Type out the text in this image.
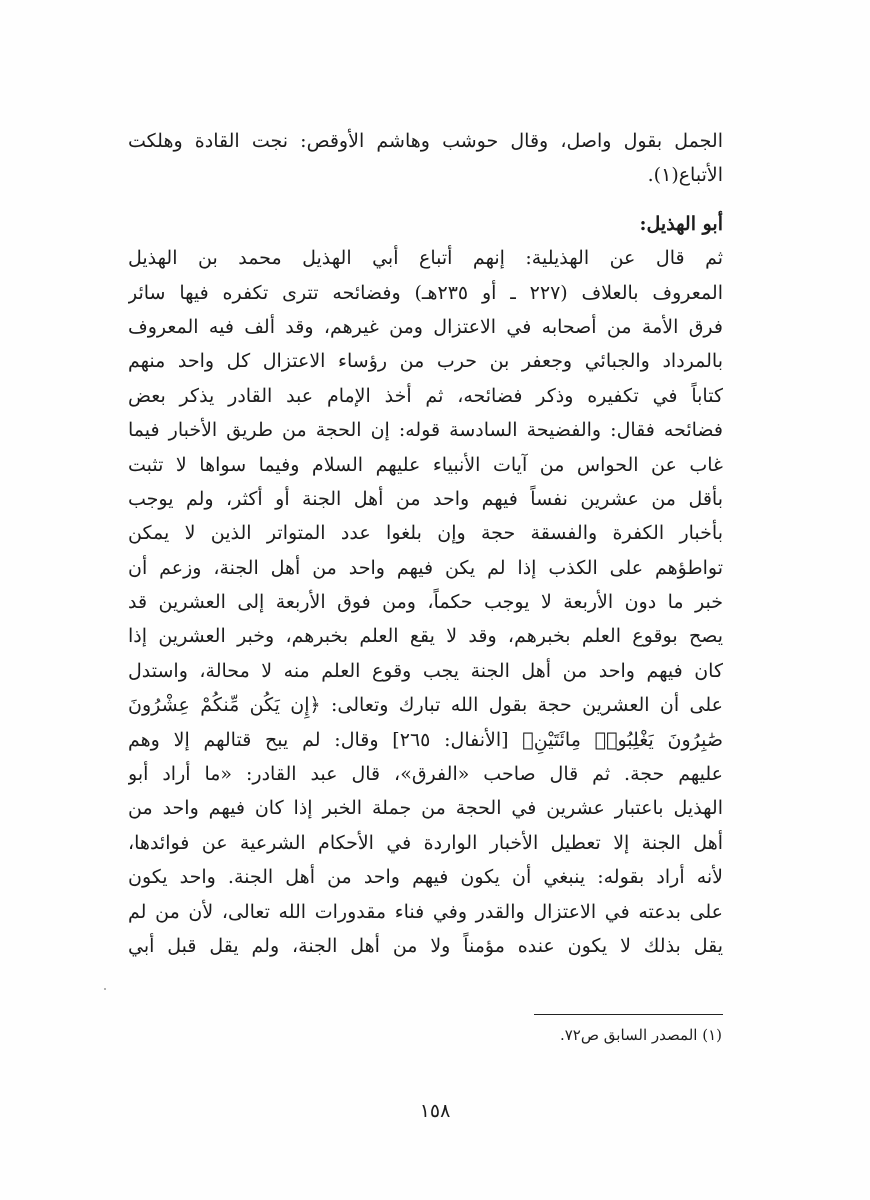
الجمل بقول واصل، وقال حوشب وهاشم الأوقص: نجت القادة وهلكت
الأتباع(١).
أبو الهذيل:
ثم قال عن الهذيلية: إنهم أتباع أبي الهذيل محمد بن الهذيل
المعروف بالعلاف (٢٢٧ ـ أو ٢٣٥هـ) وفضائحه تترى تكفره فيها سائر
فرق الأمة من أصحابه في الاعتزال ومن غيرهم، وقد ألف فيه المعروف
بالمرداد والجبائي وجعفر بن حرب من رؤساء الاعتزال كل واحد منهم
كتاباً في تكفيره وذكر فضائحه، ثم أخذ الإمام عبد القادر يذكر بعض
فضائحه فقال: والفضيحة السادسة قوله: إن الحجة من طريق الأخبار فيما
غاب عن الحواس من آيات الأنبياء عليهم السلام وفيما سواها لا تثبت
بأقل من عشرين نفساً فيهم واحد من أهل الجنة أو أكثر، ولم يوجب
بأخبار الكفرة والفسقة حجة وإن بلغوا عدد المتواتر الذين لا يمكن
تواطؤهم على الكذب إذا لم يكن فيهم واحد من أهل الجنة، وزعم أن
خبر ما دون الأربعة لا يوجب حكماً، ومن فوق الأربعة إلى العشرين قد
يصح بوقوع العلم بخبرهم، وقد لا يقع العلم بخبرهم، وخبر العشرين إذا
كان فيهم واحد من أهل الجنة يجب وقوع العلم منه لا محالة، واستدل
على أن العشرين حجة بقول الله تبارك وتعالى: ﴿إِن يَكُن مِّنكُمْ عِشْرُونَ
صَٰبِرُونَ يَغْلِبُوا۟ مِائَتَيْنِ﴾ [الأنفال: ٢٦٥] وقال: لم يبح قتالهم إلا وهم
عليهم حجة. ثم قال صاحب «الفرق»، قال عبد القادر: «ما أراد أبو
الهذيل باعتبار عشرين في الحجة من جملة الخبر إذا كان فيهم واحد من
أهل الجنة إلا تعطيل الأخبار الواردة في الأحكام الشرعية عن فوائدها،
لأنه أراد بقوله: ينبغي أن يكون فيهم واحد من أهل الجنة. واحد يكون
على بدعته في الاعتزال والقدر وفي فناء مقدورات الله تعالى، لأن من لم
يقل بذلك لا يكون عنده مؤمناً ولا من أهل الجنة، ولم يقل قبل أبي
(١) المصدر السابق ص٧٢.
١٥٨
